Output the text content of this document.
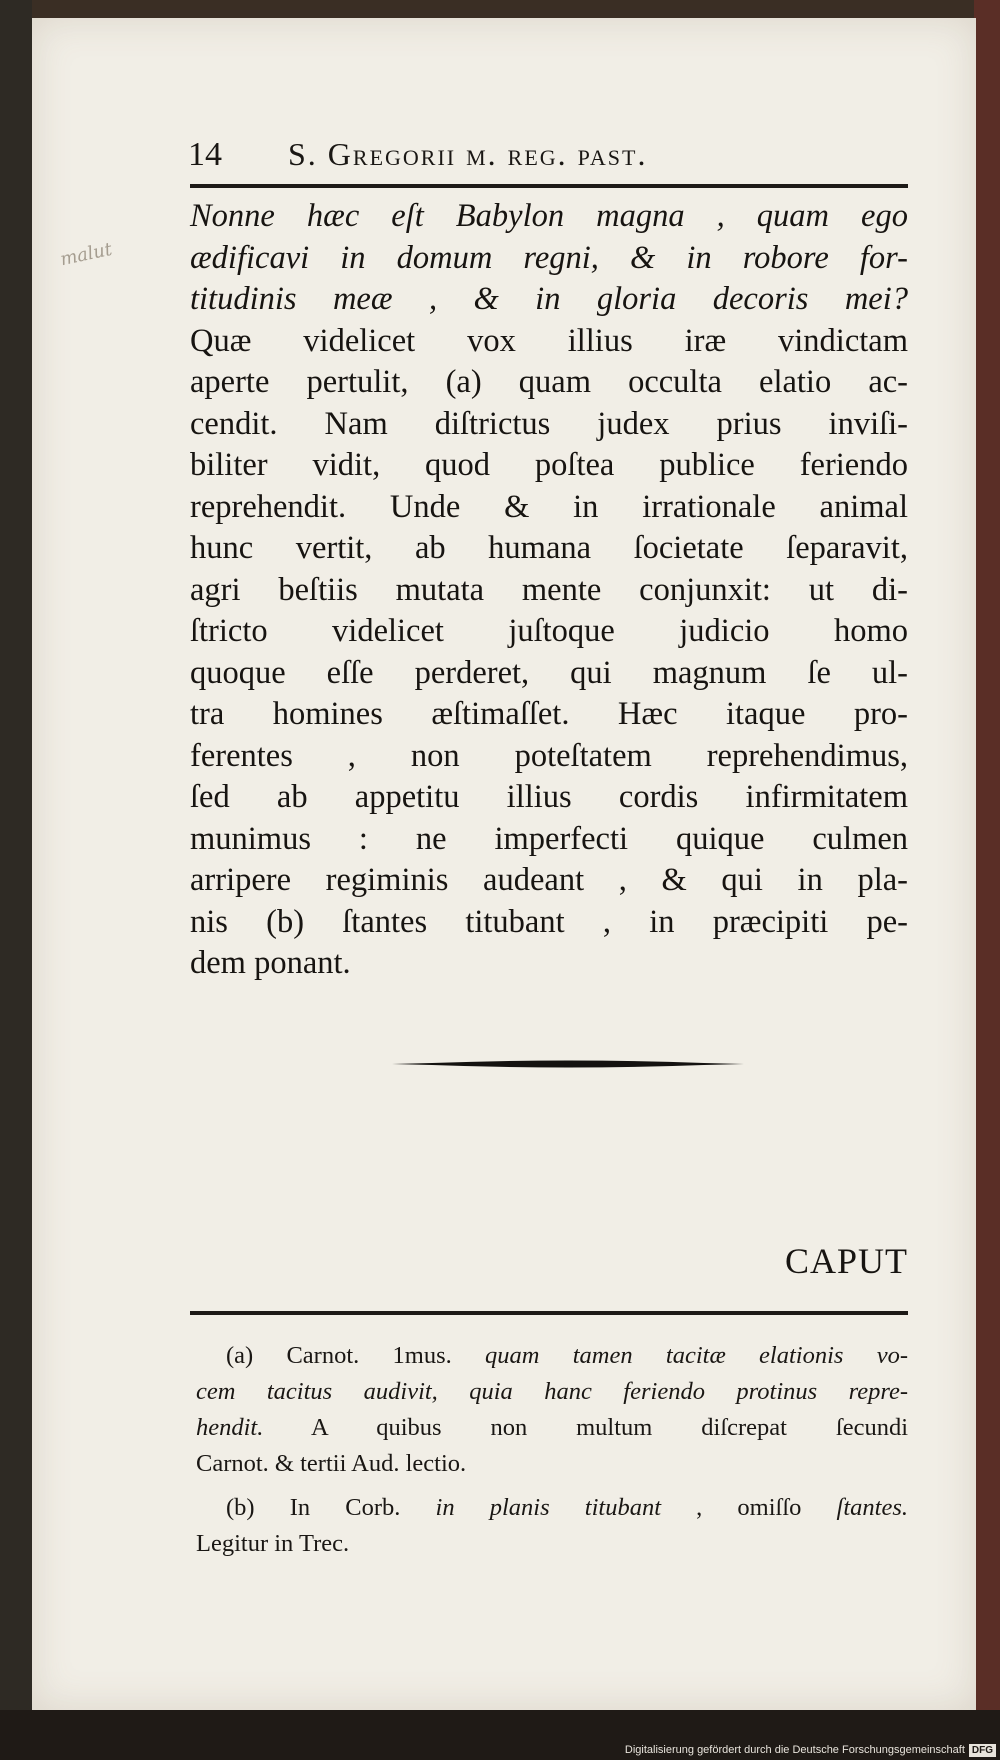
malut
14	S. Gregorii m. reg. past.
Nonne hæc eſt Babylon magna , quam ego
ædificavi in domum regni, & in robore for-
titudinis meæ , & in gloria decoris mei?
Quæ videlicet vox illius iræ vindictam
aperte pertulit, (a) quam occulta elatio ac-
cendit. Nam diſtrictus judex prius inviſi-
biliter vidit, quod poſtea publice feriendo
reprehendit. Unde & in irrationale animal
hunc vertit, ab humana ſocietate ſeparavit,
agri beſtiis mutata mente conjunxit: ut di-
ſtricto videlicet juſtoque judicio homo
quoque eſſe perderet, qui magnum ſe ul-
tra homines æſtimaſſet. Hæc itaque pro-
ferentes , non poteſtatem reprehendimus,
ſed ab appetitu illius cordis infirmitatem
munimus : ne imperfecti quique culmen
arripere regiminis audeant , & qui in pla-
nis (b) ſtantes titubant , in præcipiti pe-
dem ponant.
CAPUT
(a) Carnot. 1mus. quam tamen tacitæ elationis vo-
cem tacitus audivit, quia hanc feriendo protinus repre-
hendit. A quibus non multum diſcrepat ſecundi
Carnot. & tertii Aud. lectio.
(b) In Corb. in planis titubant , omiſſo ſtantes.
Legitur in Trec.
Digitalisierung gefördert durch die Deutsche Forschungsgemeinschaft DFG
